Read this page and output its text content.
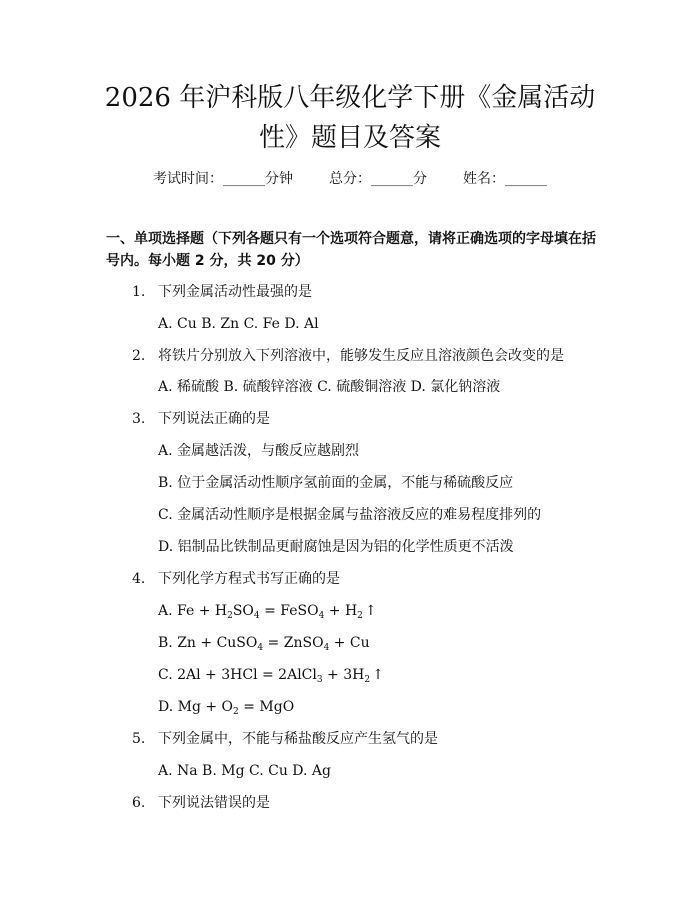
2026 年沪科版八年级化学下册《金属活动性》题目及答案
考试时间：______分钟	总分：______分	姓名：______

一、单项选择题（下列各题只有一个选项符合题意，请将正确选项的字母填在括号内。每小题 2 分，共 20 分）

1. 下列金属活动性最强的是
A. Cu B. Zn C. Fe D. Al
2. 将铁片分别放入下列溶液中，能够发生反应且溶液颜色会改变的是
A. 稀硫酸 B. 硫酸锌溶液 C. 硫酸铜溶液 D. 氯化钠溶液
3. 下列说法正确的是
A. 金属越活泼，与酸反应越剧烈
B. 位于金属活动性顺序氢前面的金属，不能与稀硫酸反应
C. 金属活动性顺序是根据金属与盐溶液反应的难易程度排列的
D. 铝制品比铁制品更耐腐蚀是因为铝的化学性质更不活泼
4. 下列化学方程式书写正确的是
A. $Fe + H_2SO_4$ = FeSO$_4$ + $H_2$ ↑
B. Zn + CuSO$_4$ = ZnSO$_4$ + Cu
C. 2Al + 3HCl = 2AlCl$_3$ + $3H_2$ ↑
D. $Mg + O_2$ = MgO
5. 下列金属中，不能与稀盐酸反应产生氢气的是
A. Na B. Mg C. Cu D. Ag
6. 下列说法错误的是
